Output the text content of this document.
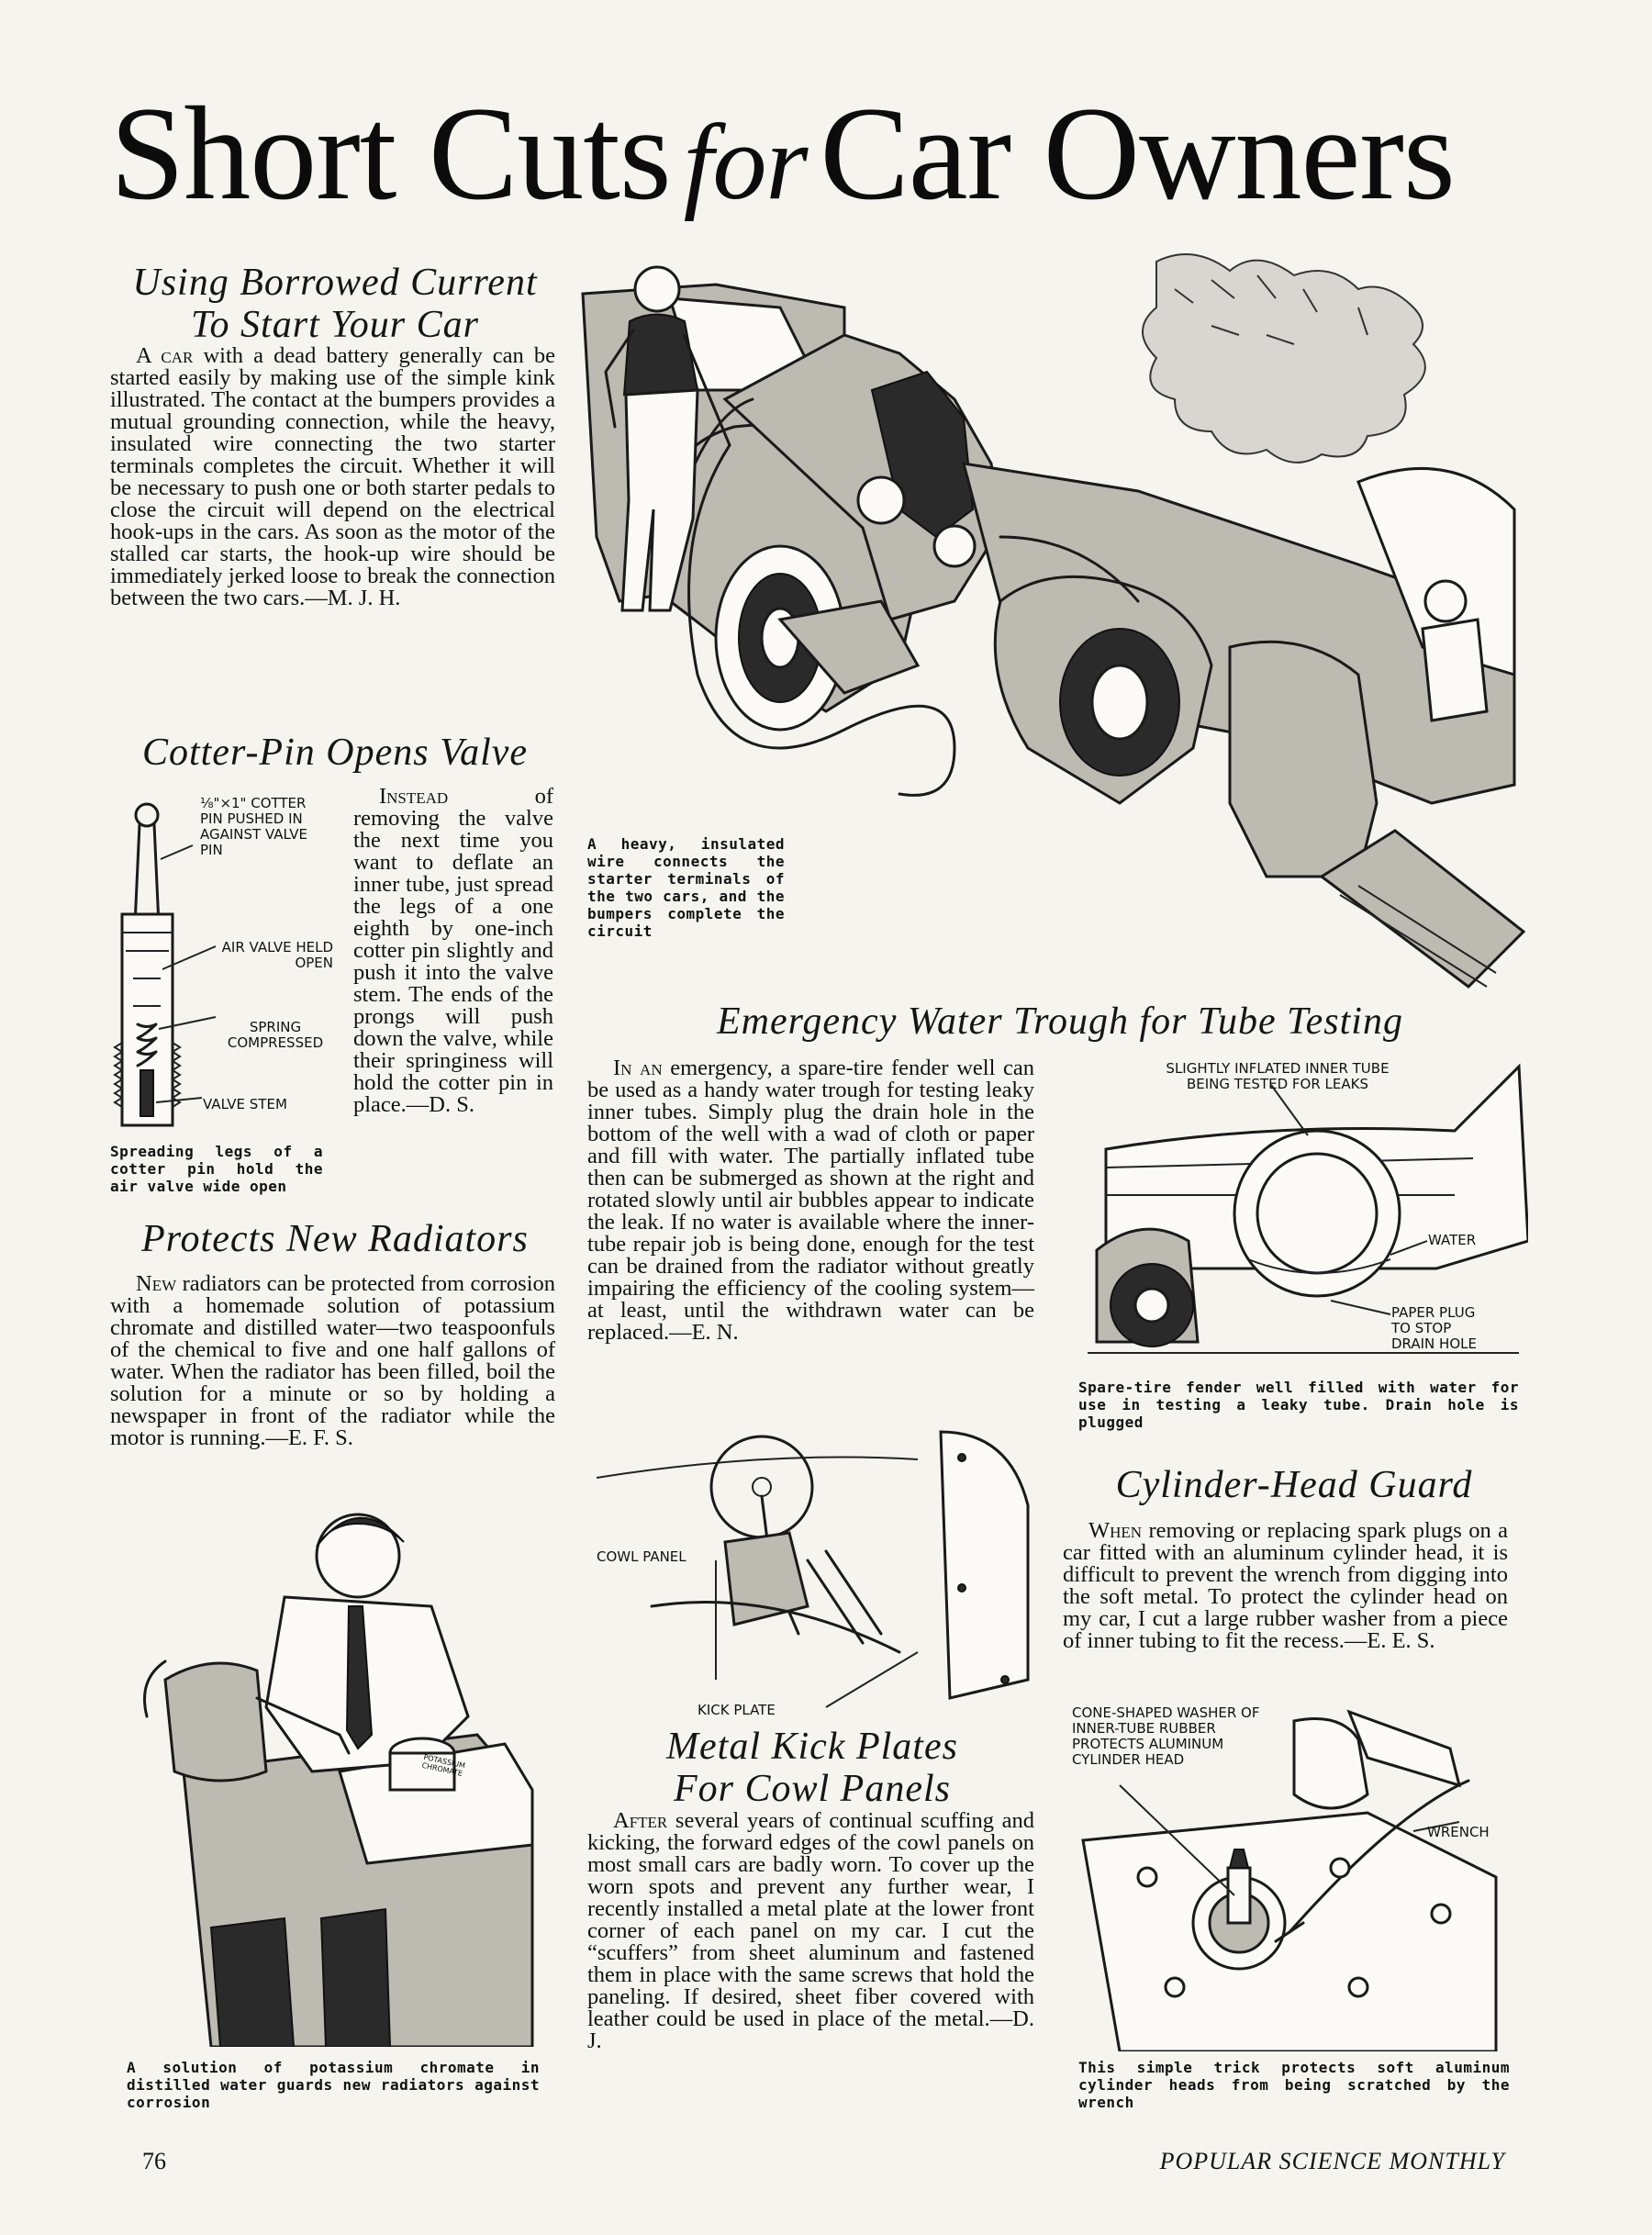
Short Cuts forCar Owners
Using Borrowed Current
To Start Your Car
A car with a dead battery generally can be started easily by making use of the simple kink illustrated. The contact at the bumpers provides a mutual grounding connection, while the heavy, insulated wire connecting the two starter terminals completes the circuit. Whether it will be necessary to push one or both starter pedals to close the circuit will depend on the electrical hook-ups in the cars. As soon as the motor of the stalled car starts, the hook-up wire should be immediately jerked loose to break the connection between the two cars.—M. J. H.
A heavy, insulated wire connects the starter terminals of the two cars, and the bumpers complete the circuit
Cotter-Pin Opens Valve
⅛"×1" COTTER PIN PUSHED IN AGAINST VALVE PIN
AIR VALVE HELD OPEN
SPRING COMPRESSED
VALVE STEM
Spreading legs of a cotter pin hold the air valve wide open
Instead	of removing the valve the next time you want to deflate an inner tube, just spread the legs of a one eighth by one-inch cotter pin slightly and push it into the valve stem. The ends of the prongs will push down the valve, while their springiness will hold the cotter pin in place.—D. S.
Protects New Radiators
New radiators can be protected from corrosion with a homemade solution of potassium chromate and distilled water—two teaspoonfuls of the chemical to five and one half gallons of water. When the radiator has been filled, boil the solution for a minute or so by holding a newspaper in front of the radiator while the motor is running.—E. F. S.
POTASSIUM CHROMATE
A solution of potassium chromate in distilled water guards new radiators against corrosion
Emergency Water Trough for Tube Testing
In an emergency, a spare-tire fender well can be used as a handy water trough for testing leaky inner tubes. Simply plug the drain hole in the bottom of the well with a wad of cloth or paper and fill with water. The partially inflated tube then can be submerged as shown at the right and rotated slowly until air bubbles appear to indicate the leak. If no water is available where the inner-tube repair job is being done, enough for the test can be drained from the radiator without greatly impairing the efficiency of the cooling system—at least, until the withdrawn water can be replaced.—E. N.
SLIGHTLY INFLATED INNER TUBE BEING TESTED FOR LEAKS
WATER
PAPER PLUG TO STOP DRAIN HOLE
Spare-tire fender well filled with water for use in testing a leaky tube. Drain hole is plugged
COWL PANEL
KICK PLATE
Metal Kick Plates
For Cowl Panels
After several years of continual scuffing and kicking, the forward edges of the cowl panels on most small cars are badly worn. To cover up the worn spots and prevent any further wear, I recently installed a metal plate at the lower front corner of each panel on my car. I cut the “scuffers” from sheet aluminum and fastened them in place with the same screws that hold the paneling. If desired, sheet fiber covered with leather could be used in place of the metal.—D. J.
Cylinder-Head Guard
When removing or replacing spark plugs on a car fitted with an aluminum cylinder head, it is difficult to prevent the wrench from digging into the soft metal. To protect the cylinder head on my car, I cut a large rubber washer from a piece of inner tubing to fit the recess.—E. E. S.
CONE-SHAPED WASHER OF INNER-TUBE RUBBER PROTECTS ALUMINUM CYLINDER HEAD
WRENCH
This simple trick protects soft aluminum cylinder heads from being scratched by the wrench
76	POPULAR SCIENCE MONTHLY
